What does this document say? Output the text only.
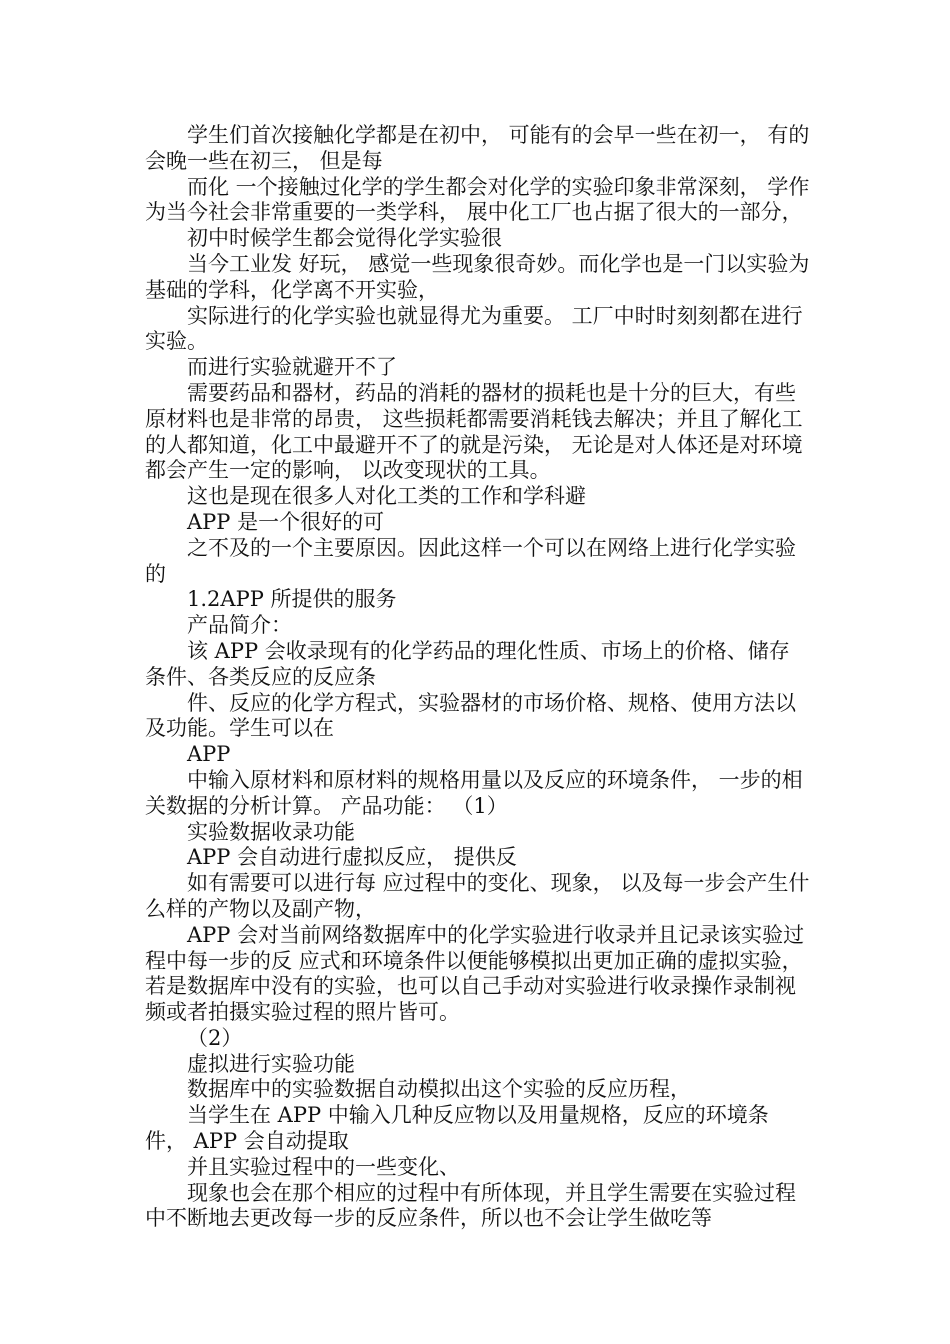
学生们首次接触化学都是在初中， 可能有的会早一些在初一， 有的会晚一些在初三， 但是每

而化 一个接触过化学的学生都会对化学的实验印象非常深刻， 学作为当今社会非常重要的一类学科， 展中化工厂也占据了很大的一部分，

初中时候学生都会觉得化学实验很

当今工业发 好玩， 感觉一些现象很奇妙。而化学也是一门以实验为基础的学科，化学离不开实验，

实际进行的化学实验也就显得尤为重要。 工厂中时时刻刻都在进行实验。

而进行实验就避开不了

需要药品和器材，药品的消耗的器材的损耗也是十分的巨大，有些原材料也是非常的昂贵， 这些损耗都需要消耗钱去解决；并且了解化工的人都知道，化工中最避开不了的就是污染， 无论是对人体还是对环境都会产生一定的影响， 以改变现状的工具。

这也是现在很多人对化工类的工作和学科避

APP 是一个很好的可

之不及的一个主要原因。因此这样一个可以在网络上进行化学实验的

1.2APP 所提供的服务

产品简介：

该 APP 会收录现有的化学药品的理化性质、市场上的价格、储存条件、各类反应的反应条

件、反应的化学方程式，实验器材的市场价格、规格、使用方法以及功能。学生可以在

APP

中输入原材料和原材料的规格用量以及反应的环境条件， 一步的相关数据的分析计算。 产品功能： （1）

实验数据收录功能

APP 会自动进行虚拟反应， 提供反

如有需要可以进行每 应过程中的变化、现象， 以及每一步会产生什么样的产物以及副产物，

APP 会对当前网络数据库中的化学实验进行收录并且记录该实验过程中每一步的反 应式和环境条件以便能够模拟出更加正确的虚拟实验，若是数据库中没有的实验，也可以自己手动对实验进行收录操作录制视频或者拍摄实验过程的照片皆可。

（2）

虚拟进行实验功能

数据库中的实验数据自动模拟出这个实验的反应历程，

当学生在 APP 中输入几种反应物以及用量规格，反应的环境条件， APP 会自动提取

并且实验过程中的一些变化、

现象也会在那个相应的过程中有所体现，并且学生需要在实验过程中不断地去更改每一步的反应条件，所以也不会让学生做吃等
